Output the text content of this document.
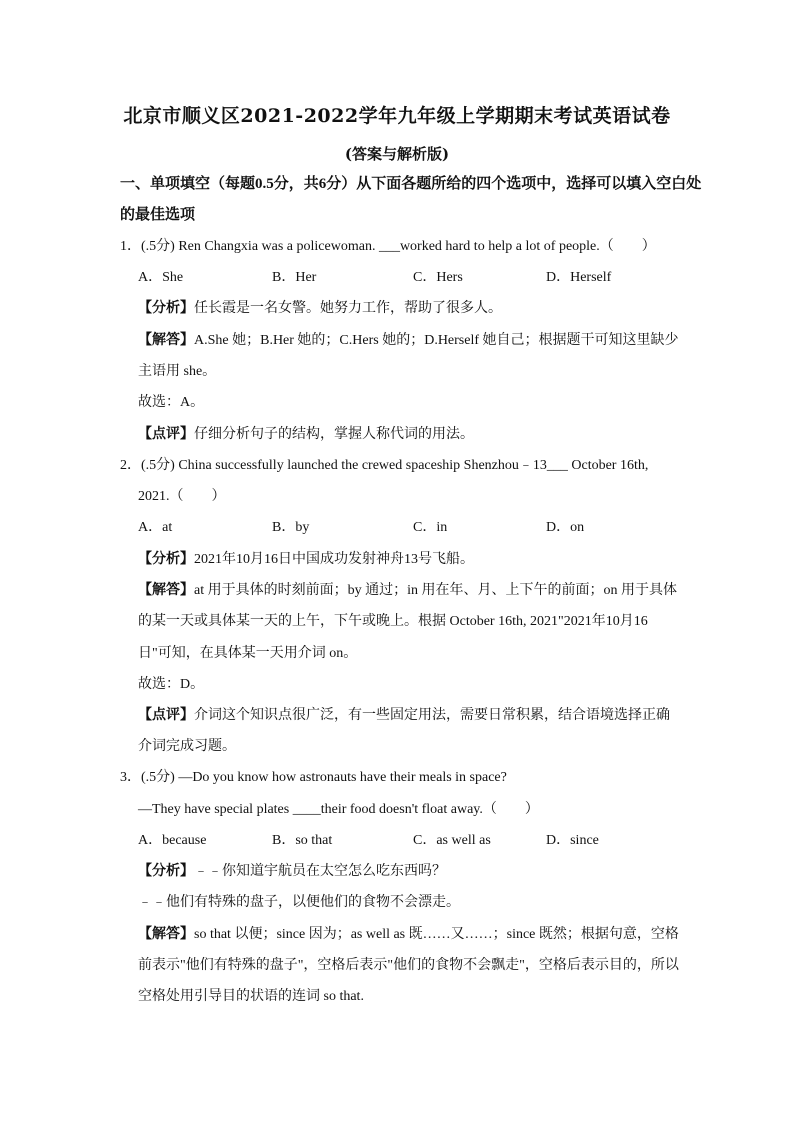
北京市顺义区2021-2022学年九年级上学期期末考试英语试卷
(答案与解析版)
一、单项填空（每题0.5分，共6分）从下面各题所给的四个选项中，选择可以填入空白处
的最佳选项
1．(.5分) Ren Changxia was a policewoman. ___worked hard to help a lot of people.（　　）
A．She	B．Her	C．Hers	D．Herself
【分析】任长霞是一名女警。她努力工作，帮助了很多人。
【解答】A.She 她；B.Her 她的；C.Hers 她的；D.Herself 她自己；根据题干可知这里缺少
主语用 she。
故选：A。
【点评】仔细分析句子的结构，掌握人称代词的用法。
2．(.5分) China successfully launched the crewed spaceship Shenzhou﹣13___ October 16th,
2021.（　　）
A．at	B．by	C．in	D．on
【分析】2021年10月16日中国成功发射神舟13号飞船。
【解答】at 用于具体的时刻前面；by 通过；in 用在年、月、上下午的前面；on 用于具体
的某一天或具体某一天的上午，下午或晚上。根据 October 16th, 2021"2021年10月16
日"可知，在具体某一天用介词 on。
故选：D。
【点评】介词这个知识点很广泛，有一些固定用法，需要日常积累，结合语境选择正确
介词完成习题。
3．(.5分) —Do you know how astronauts have their meals in space?
—They have special plates ____their food doesn't float away.（　　）
A．because	B．so that	C．as well as	D．since
【分析】﹣﹣你知道宇航员在太空怎么吃东西吗？
﹣﹣他们有特殊的盘子，以便他们的食物不会漂走。
【解答】so that 以便；since 因为；as well as 既……又……；since 既然；根据句意，空格
前表示"他们有特殊的盘子"，空格后表示"他们的食物不会飘走"，空格后表示目的，所以
空格处用引导目的状语的连词 so that.
